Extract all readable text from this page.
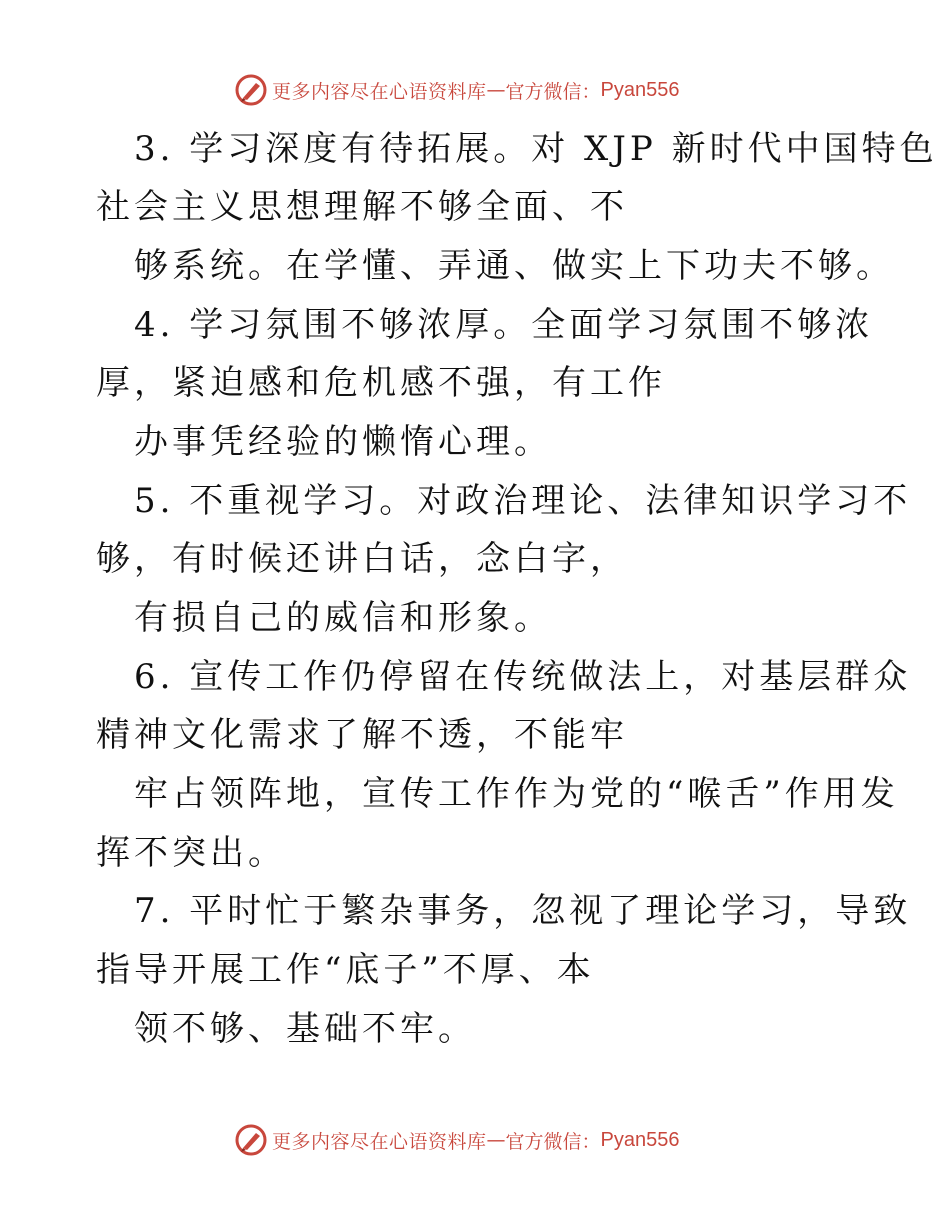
更多内容尽在心语资料库 — 官方微信： Pyan556
3. 学习深度有待拓展。对 XJP 新时代中国特色
社会主义思想理解不够全面、不
够系统。在学懂、弄通、做实上下功夫不够。
4. 学习氛围不够浓厚。全面学习氛围不够浓
厚，紧迫感和危机感不强，有工作
办事凭经验的懒惰心理。
5. 不重视学习。对政治理论、法律知识学习不
够，有时候还讲白话，念白字，
有损自己的威信和形象。
6. 宣传工作仍停留在传统做法上，对基层群众
精神文化需求了解不透，不能牢
牢占领阵地，宣传工作作为党的“喉舌”作用发
挥不突出。
7. 平时忙于繁杂事务，忽视了理论学习，导致
指导开展工作“底子”不厚、本
领不够、基础不牢。
更多内容尽在心语资料库 — 官方微信： Pyan556
